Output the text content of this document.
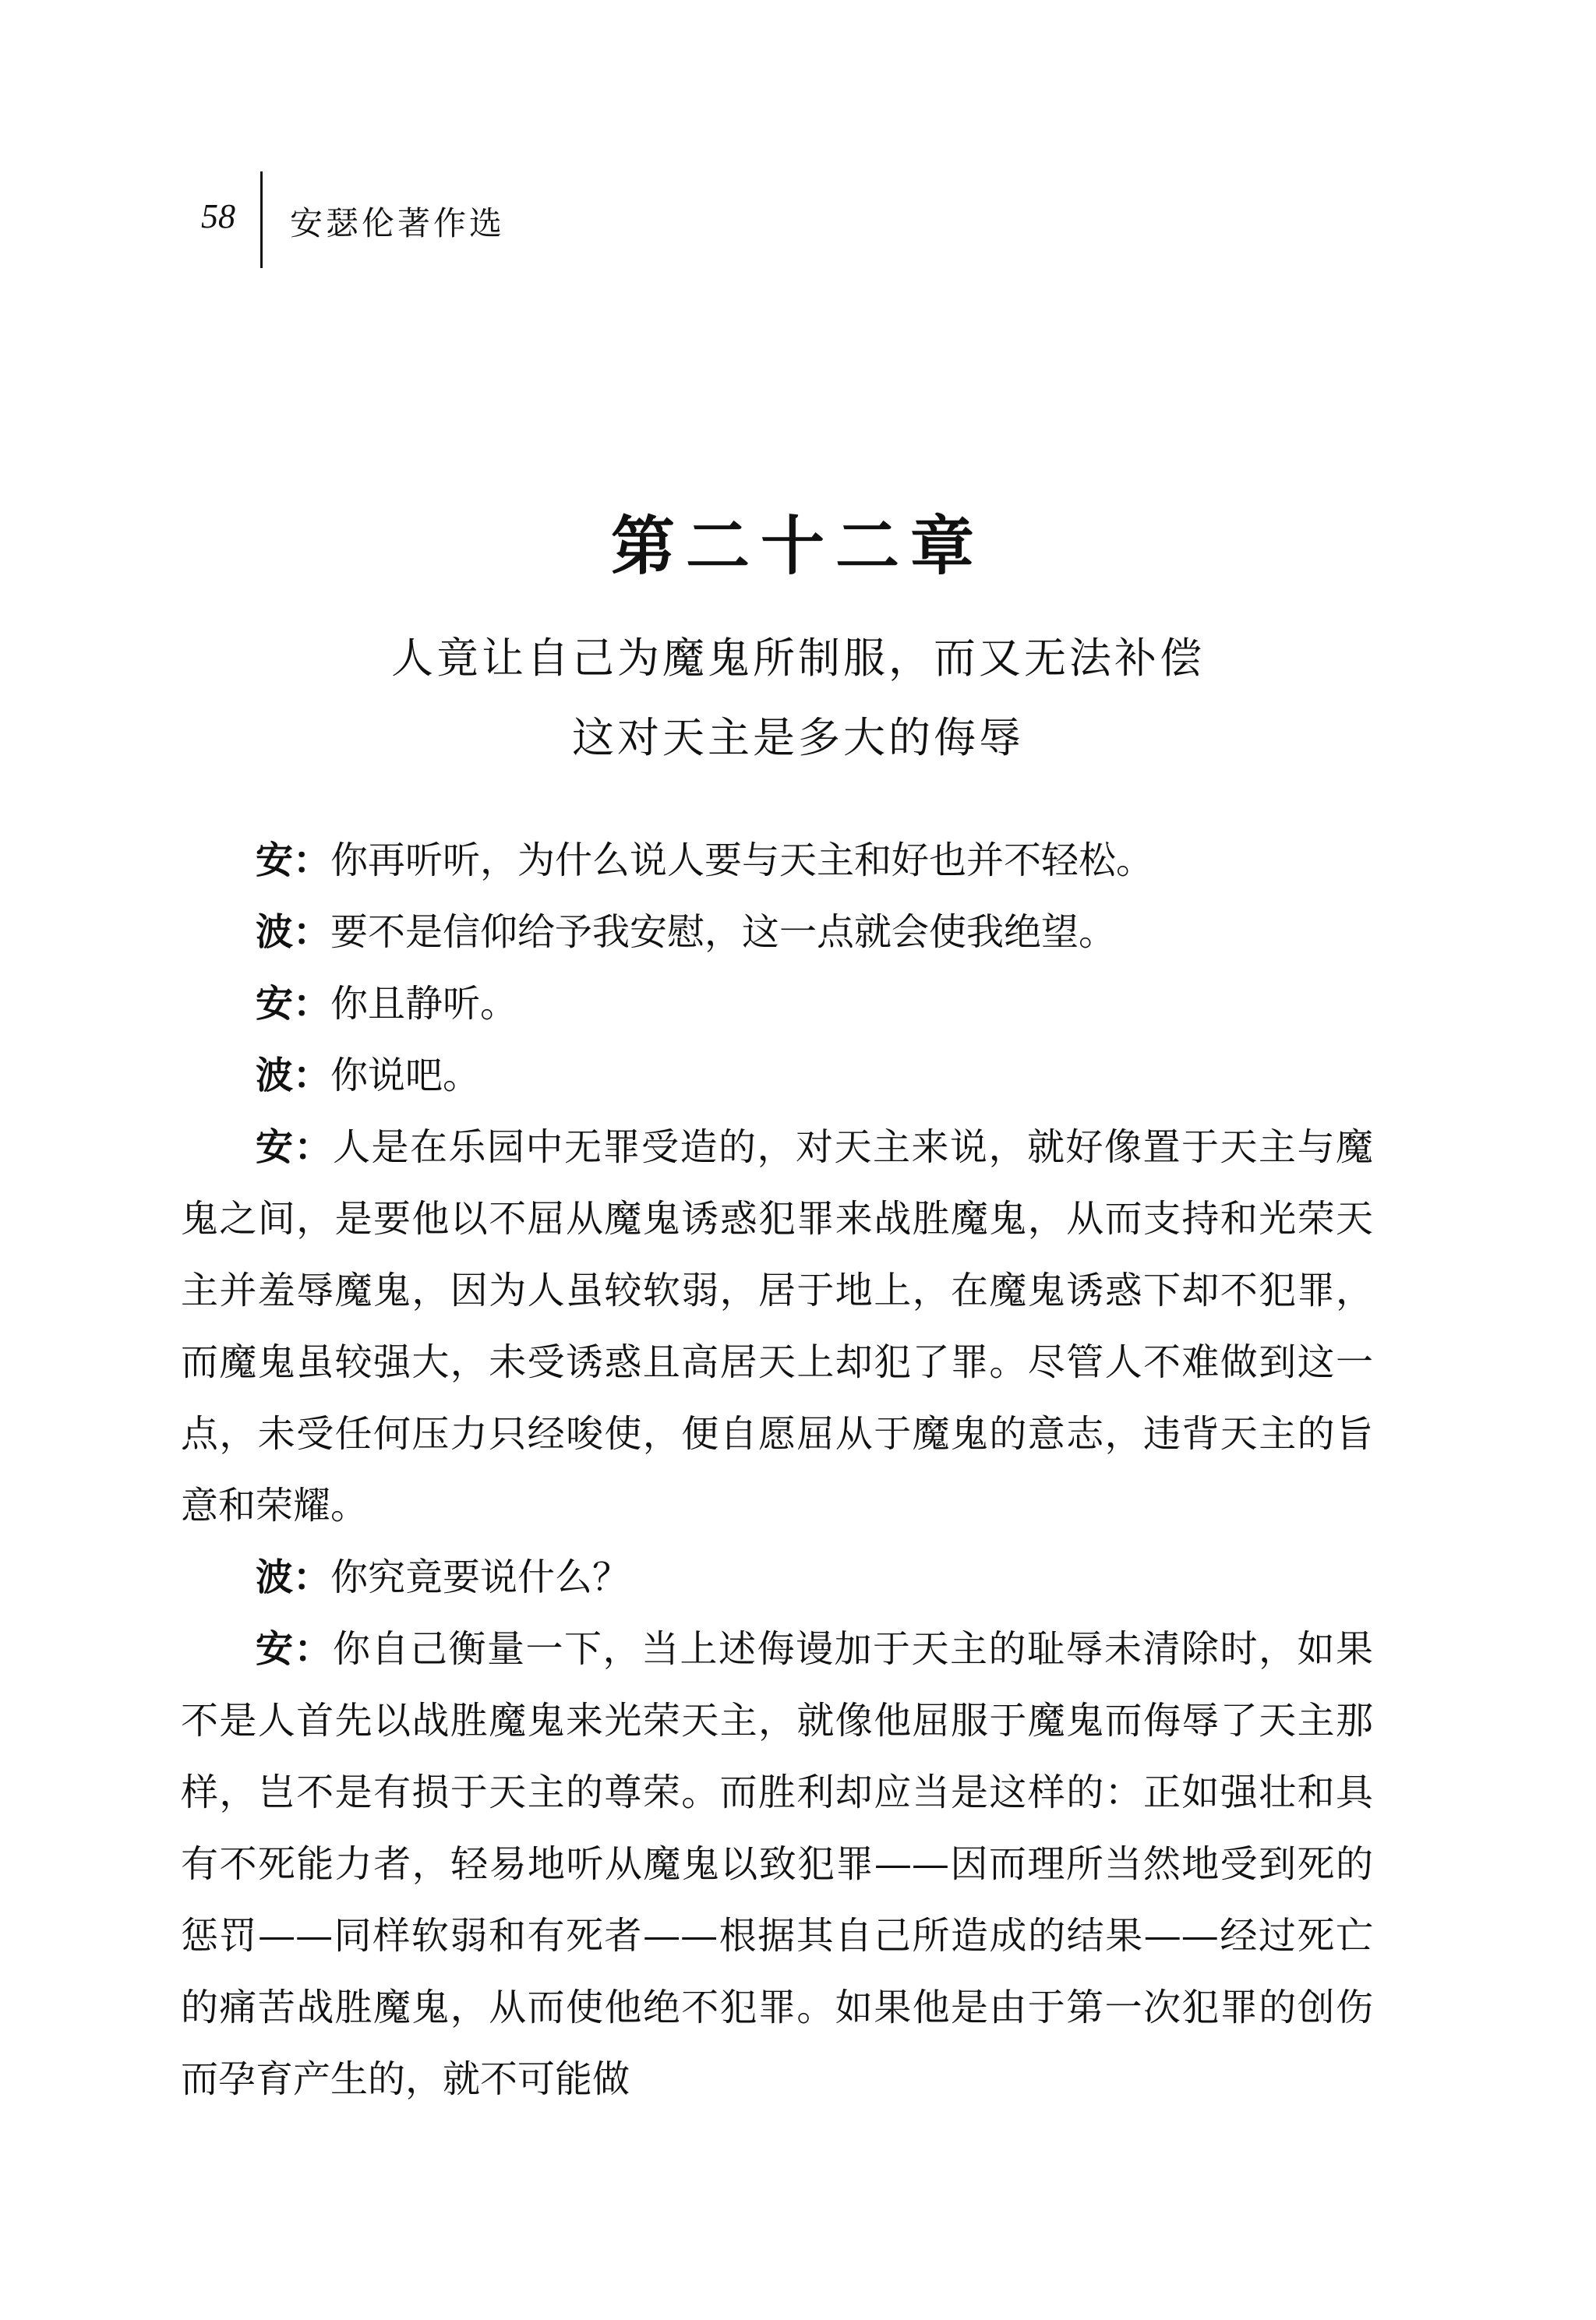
58 安瑟伦著作选
第二十二章
人竟让自己为魔鬼所制服，而又无法补偿
这对天主是多大的侮辱

安：你再听听，为什么说人要与天主和好也并不轻松。

波：要不是信仰给予我安慰，这一点就会使我绝望。

安：你且静听。

波：你说吧。

安：人是在乐园中无罪受造的，对天主来说，就好像置于天主与魔鬼之间，是要他以不屈从魔鬼诱惑犯罪来战胜魔鬼，从而支持和光荣天主并羞辱魔鬼，因为人虽较软弱，居于地上，在魔鬼诱惑下却不犯罪，而魔鬼虽较强大，未受诱惑且高居天上却犯了罪。尽管人不难做到这一点，未受任何压力只经唆使，便自愿屈从于魔鬼的意志，违背天主的旨意和荣耀。

波：你究竟要说什么？

安：你自己衡量一下，当上述侮谩加于天主的耻辱未清除时，如果不是人首先以战胜魔鬼来光荣天主，就像他屈服于魔鬼而侮辱了天主那样，岂不是有损于天主的尊荣。而胜利却应当是这样的：正如强壮和具有不死能力者，轻易地听从魔鬼以致犯罪——因而理所当然地受到死的惩罚——同样软弱和有死者——根据其自己所造成的结果——经过死亡的痛苦战胜魔鬼，从而使他绝不犯罪。如果他是由于第一次犯罪的创伤而孕育产生的，就不可能做
